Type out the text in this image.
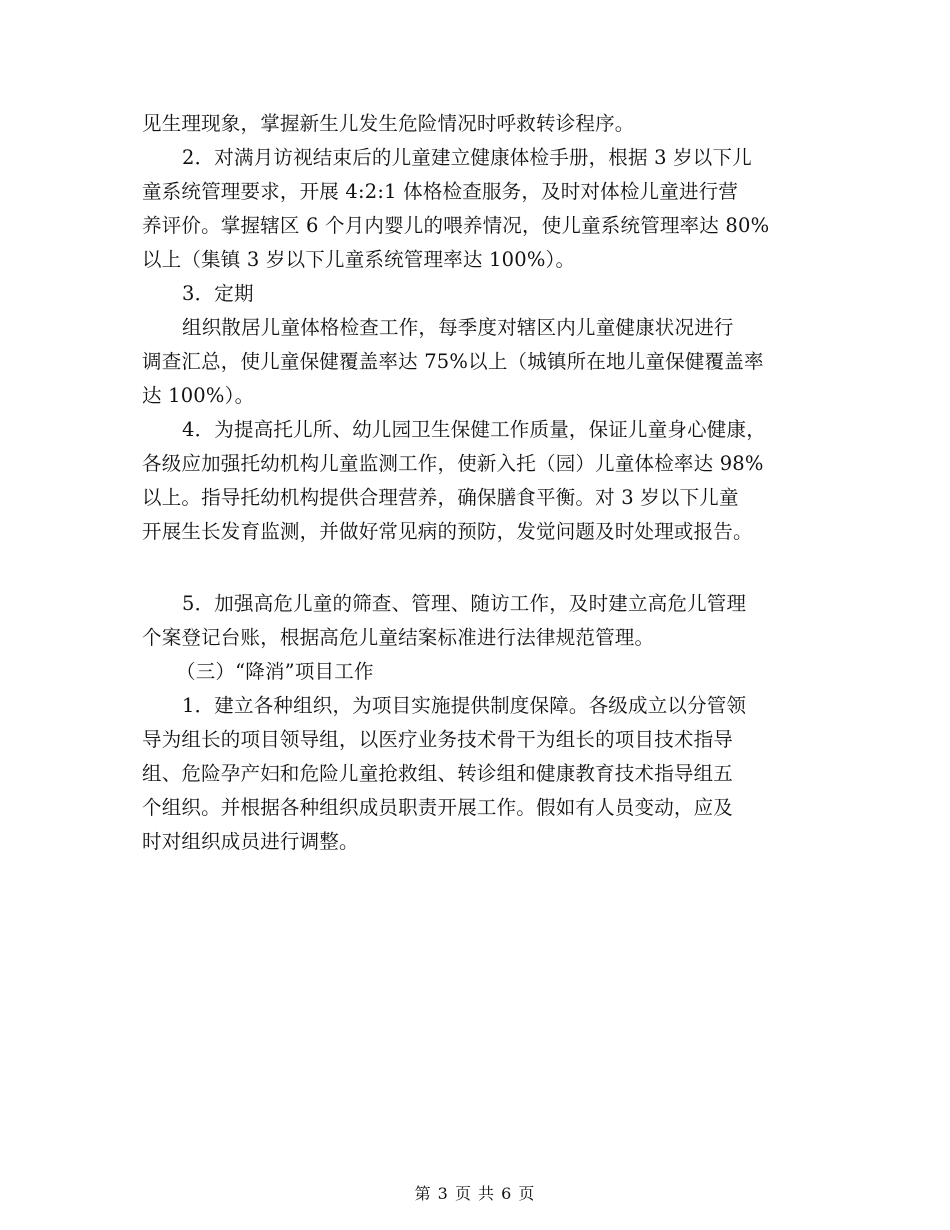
见生理现象，掌握新生儿发生危险情况时呼救转诊程序。
2．对满月访视结束后的儿童建立健康体检手册，根据 3 岁以下儿
童系统管理要求，开展 4:2:1 体格检查服务，及时对体检儿童进行营
养评价。掌握辖区 6 个月内婴儿的喂养情况，使儿童系统管理率达 80%
以上（集镇 3 岁以下儿童系统管理率达 100%）。
3．定期
组织散居儿童体格检查工作，每季度对辖区内儿童健康状况进行
调查汇总，使儿童保健覆盖率达 75%以上（城镇所在地儿童保健覆盖率
达 100%）。
4．为提高托儿所、幼儿园卫生保健工作质量，保证儿童身心健康，
各级应加强托幼机构儿童监测工作，使新入托（园）儿童体检率达 98%
以上。指导托幼机构提供合理营养，确保膳食平衡。对 3 岁以下儿童
开展生长发育监测，并做好常见病的预防，发觉问题及时处理或报告。
5．加强高危儿童的筛查、管理、随访工作，及时建立高危儿管理
个案登记台账，根据高危儿童结案标准进行法律规范管理。
（三）“降消”项目工作
1．建立各种组织，为项目实施提供制度保障。各级成立以分管领
导为组长的项目领导组，以医疗业务技术骨干为组长的项目技术指导
组、危险孕产妇和危险儿童抢救组、转诊组和健康教育技术指导组五
个组织。并根据各种组织成员职责开展工作。假如有人员变动，应及
时对组织成员进行调整。
第 3 页 共 6 页
